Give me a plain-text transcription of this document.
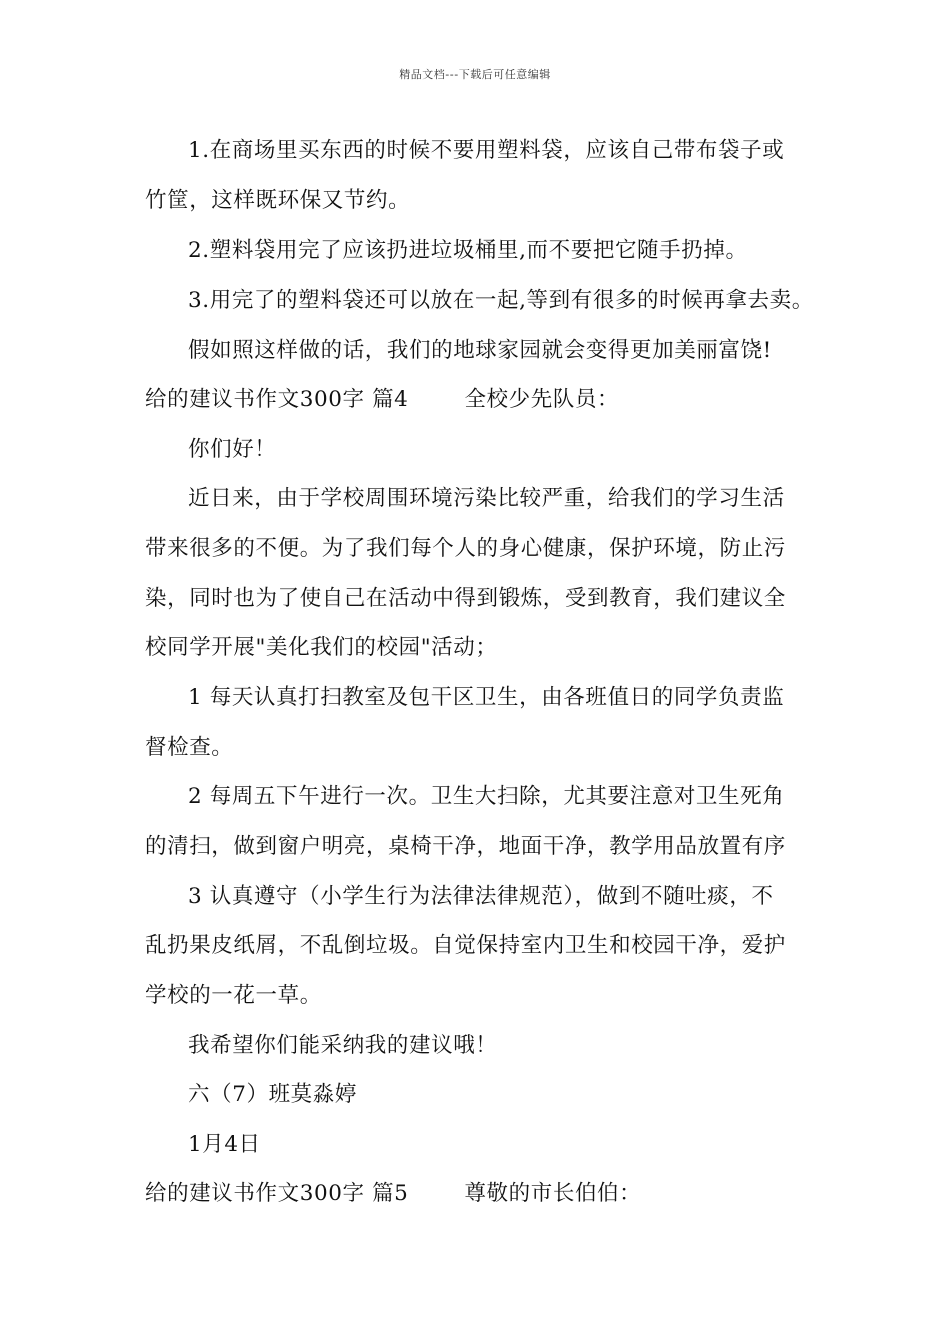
精品文档---下载后可任意编辑
1.在商场里买东西的时候不要用塑料袋，应该自己带布袋子或
竹筐，这样既环保又节约。
2.塑料袋用完了应该扔进垃圾桶里,而不要把它随手扔掉。
3.用完了的塑料袋还可以放在一起,等到有很多的时候再拿去卖。
假如照这样做的话，我们的地球家园就会变得更加美丽富饶!
给的建议书作文300字 篇4	全校少先队员：
你们好！
近日来，由于学校周围环境污染比较严重，给我们的学习生活
带来很多的不便。为了我们每个人的身心健康，保护环境，防止污
染，同时也为了使自己在活动中得到锻炼，受到教育，我们建议全
校同学开展"美化我们的校园"活动；
1 每天认真打扫教室及包干区卫生，由各班值日的同学负责监
督检查。
2 每周五下午进行一次。卫生大扫除，尤其要注意对卫生死角
的清扫，做到窗户明亮，桌椅干净，地面干净，教学用品放置有序
3 认真遵守（小学生行为法律法律规范），做到不随吐痰，不
乱扔果皮纸屑，不乱倒垃圾。自觉保持室内卫生和校园干净，爱护
学校的一花一草。
我希望你们能采纳我的建议哦！
六（7）班莫淼婷
1月4日
给的建议书作文300字 篇5	尊敬的市长伯伯：
